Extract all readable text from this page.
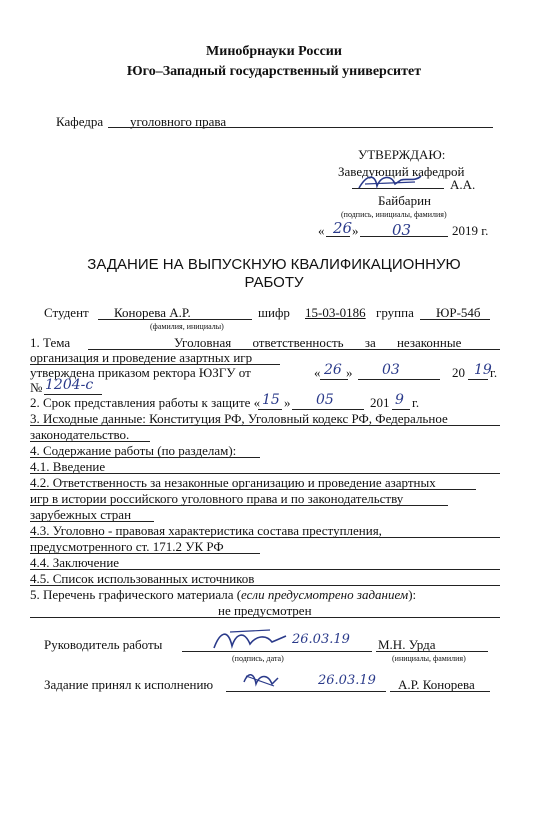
Минобрнауки России
Юго–Западный государственный университет
Кафедра уголовного права
УТВЕРЖДАЮ:
Заведующий кафедрой
А.А.
Байбарин
(подпись, инициалы, фамилия)
« 26 » 03	2019 г.
ЗАДАНИЕ НА ВЫПУСКНУЮ КВАЛИФИКАЦИОННУЮ
РАБОТУ
Студент Конорева А.Р.
(фамилия, инициалы)
шифр 15-03-0186 группа ЮР-54б
1. Тема	Уголовная ответственность за незаконные
организация и проведение азартных игр
утверждена приказом ректора ЮЗГУ от	« 26 » 03	20 19
г.
№ 1204-с
2. Срок представления работы к защите « 15 » 05	201 9 г.
3. Исходные данные: Конституция РФ, Уголовный кодекс РФ, Федеральное
законодательство.
4. Содержание работы (по разделам):
4.1. Введение
4.2. Ответственность за незаконные организацию и проведение азартных
игр в истории российского уголовного права и по законодательству
зарубежных стран
4.3. Уголовно - правовая характеристика состава преступления,
предусмотренного ст. 171.2 УК РФ
4.4. Заключение
4.5. Список использованных источников
5. Перечень графического материала (если предусмотрено заданием):
не предусмотрен
Руководитель работы	26.03.19 М.Н. Урда
(подпись, дата)	(инициалы, фамилия)
Задание принял к исполнению	26.03.19 А.Р. Конорева
